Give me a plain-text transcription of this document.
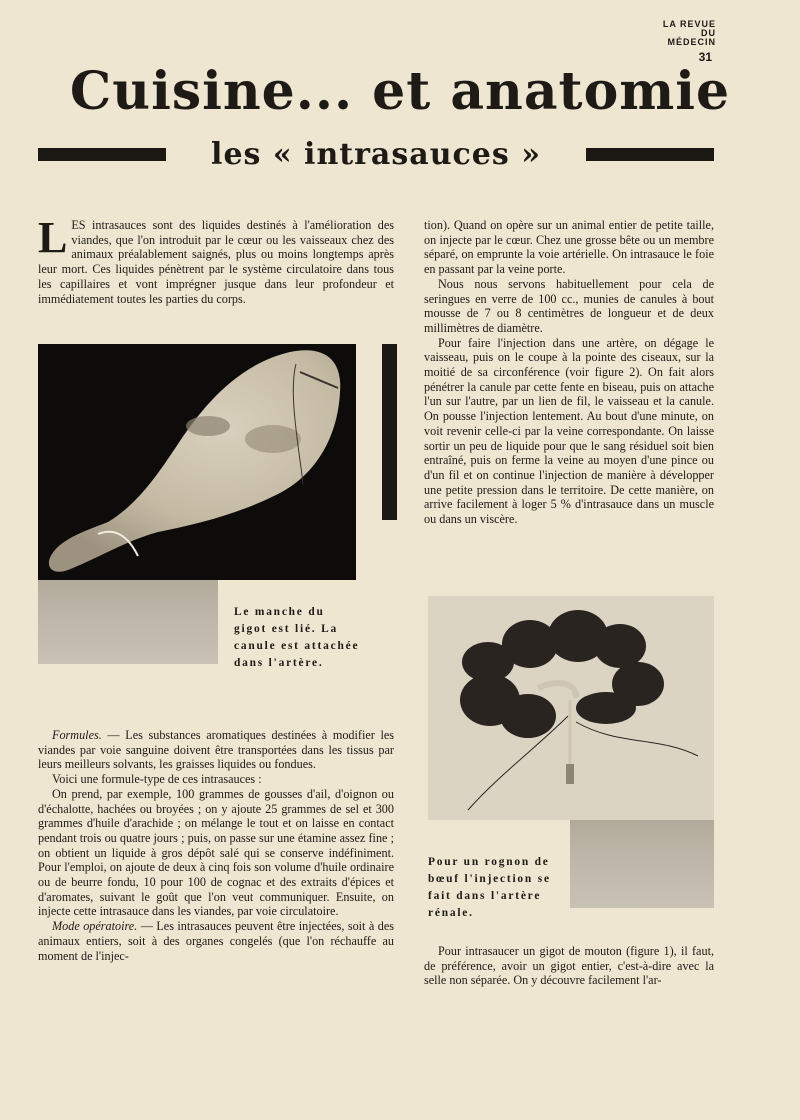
LA REVUE
DU
MÉDECIN
31
Cuisine... et anatomie
les « intrasauces »
L ES intrasauces sont des liquides destinés à l'amélioration des viandes, que l'on introduit par le cœur ou les vaisseaux chez des animaux préalablement saignés, plus ou moins longtemps après leur mort. Ces liquides pénètrent par le système circulatoire dans tous les capillaires et vont imprégner jusque dans leur profondeur et immédiatement toutes les parties du corps.
Le manche du gigot est lié. La canule est attachée dans l'artère.

Formules. — Les substances aromatiques destinées à modifier les viandes par voie sanguine doivent être transportées dans les tissus par leurs meilleurs solvants, les graisses liquides ou fondues.

Voici une formule-type de ces intrasauces :

On prend, par exemple, 100 grammes de gousses d'ail, d'oignon ou d'échalotte, hachées ou broyées ; on y ajoute 25 grammes de sel et 300 grammes d'huile d'arachide ; on mélange le tout et on laisse en contact pendant trois ou quatre jours ; puis, on passe sur une étamine assez fine ; on obtient un liquide à gros dépôt salé qui se conserve indéfiniment. Pour l'emploi, on ajoute de deux à cinq fois son volume d'huile ordinaire ou de beurre fondu, 10 pour 100 de cognac et des extraits d'épices et d'aromates, suivant le goût que l'on veut communiquer. Ensuite, on injecte cette intrasauce dans les viandes, par voie circulatoire.

Mode opératoire. — Les intrasauces peuvent être injectées, soit à des animaux entiers, soit à des organes congelés (que l'on réchauffe au moment de l'injec-

tion). Quand on opère sur un animal entier de petite taille, on injecte par le cœur. Chez une grosse bête ou un membre séparé, on emprunte la voie artérielle. On intrasauce le foie en passant par la veine porte.

Nous nous servons habituellement pour cela de seringues en verre de 100 cc., munies de canules à bout mousse de 7 ou 8 centimètres de longueur et de deux millimètres de diamètre.

Pour faire l'injection dans une artère, on dégage le vaisseau, puis on le coupe à la pointe des ciseaux, sur la moitié de sa circonférence (voir figure 2). On fait alors pénétrer la canule par cette fente en biseau, puis on attache l'un sur l'autre, par un lien de fil, le vaisseau et la canule. On pousse l'injection lentement. Au bout d'une minute, on voit revenir celle-ci par la veine correspondante. On laisse sortir un peu de liquide pour que le sang résiduel soit bien entraîné, puis on ferme la veine au moyen d'une pince ou d'un fil et on continue l'injection de manière à développer une petite pression dans le territoire. De cette manière, on arrive facilement à loger 5 % d'intrasauce dans un muscle ou dans un viscère.

Pour un rognon de bœuf l'injection se fait dans l'artère rénale.

Pour intrasaucer un gigot de mouton (figure 1), il faut, de préférence, avoir un gigot entier, c'est-à-dire avec la selle non séparée. On y découvre facilement l'ar-
